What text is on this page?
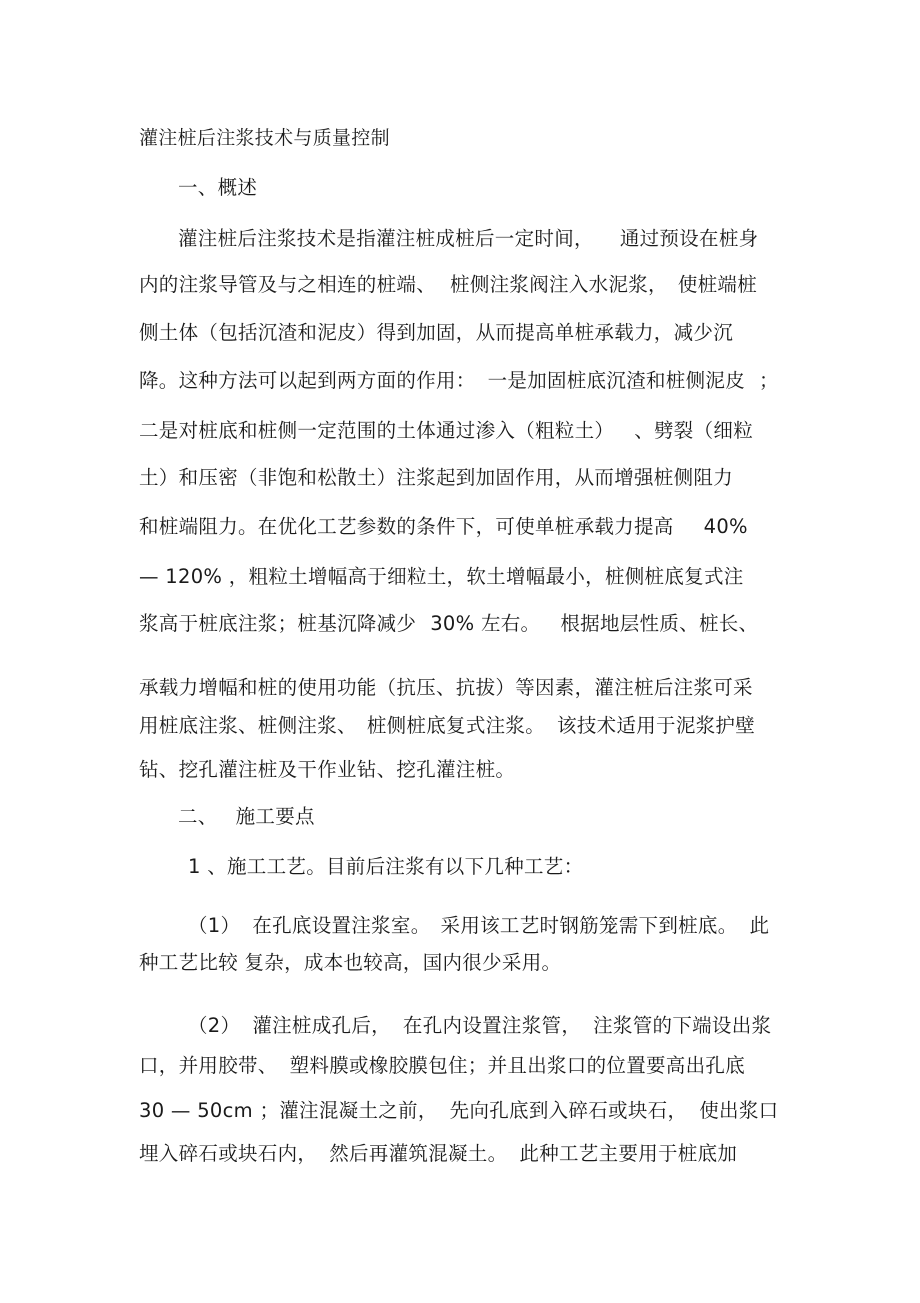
灌注桩后注浆技术与质量控制
一、概述
灌注桩后注浆技术是指灌注桩成桩后一定时间， 通过预设在桩身
内的注浆导管及与之相连的桩端、 桩侧注浆阀注入水泥浆， 使桩端桩
侧土体（包括沉渣和泥皮）得到加固，从而提高单桩承载力，减少沉
降。这种方法可以起到两方面的作用： 一是加固桩底沉渣和桩侧泥皮 ；
二是对桩底和桩侧一定范围的土体通过渗入（粗粒土） 、劈裂（细粒
土）和压密（非饱和松散土）注浆起到加固作用，从而增强桩侧阻力
和桩端阻力。在优化工艺参数的条件下，可使单桩承载力提高 40%
— 120% ，粗粒土增幅高于细粒土，软土增幅最小，桩侧桩底复式注
浆高于桩底注浆；桩基沉降减少 30% 左右。 根据地层性质、桩长、
承载力增幅和桩的使用功能（抗压、抗拔）等因素，灌注桩后注浆可采
用桩底注浆、桩侧注浆、 桩侧桩底复式注浆。 该技术适用于泥浆护壁
钻、挖孔灌注桩及干作业钻、挖孔灌注桩。
二、 施工要点
1 、施工工艺。目前后注浆有以下几种工艺：
（1） 在孔底设置注浆室。 采用该工艺时钢筋笼需下到桩底。 此
种工艺比较 复杂，成本也较高，国内很少采用。
（2） 灌注桩成孔后， 在孔内设置注浆管， 注浆管的下端设出浆
口，并用胶带、 塑料膜或橡胶膜包住；并且出浆口的位置要高出孔底
30 — 50cm ；灌注混凝土之前， 先向孔底到入碎石或块石， 使出浆口
埋入碎石或块石内， 然后再灌筑混凝土。 此种工艺主要用于桩底加
